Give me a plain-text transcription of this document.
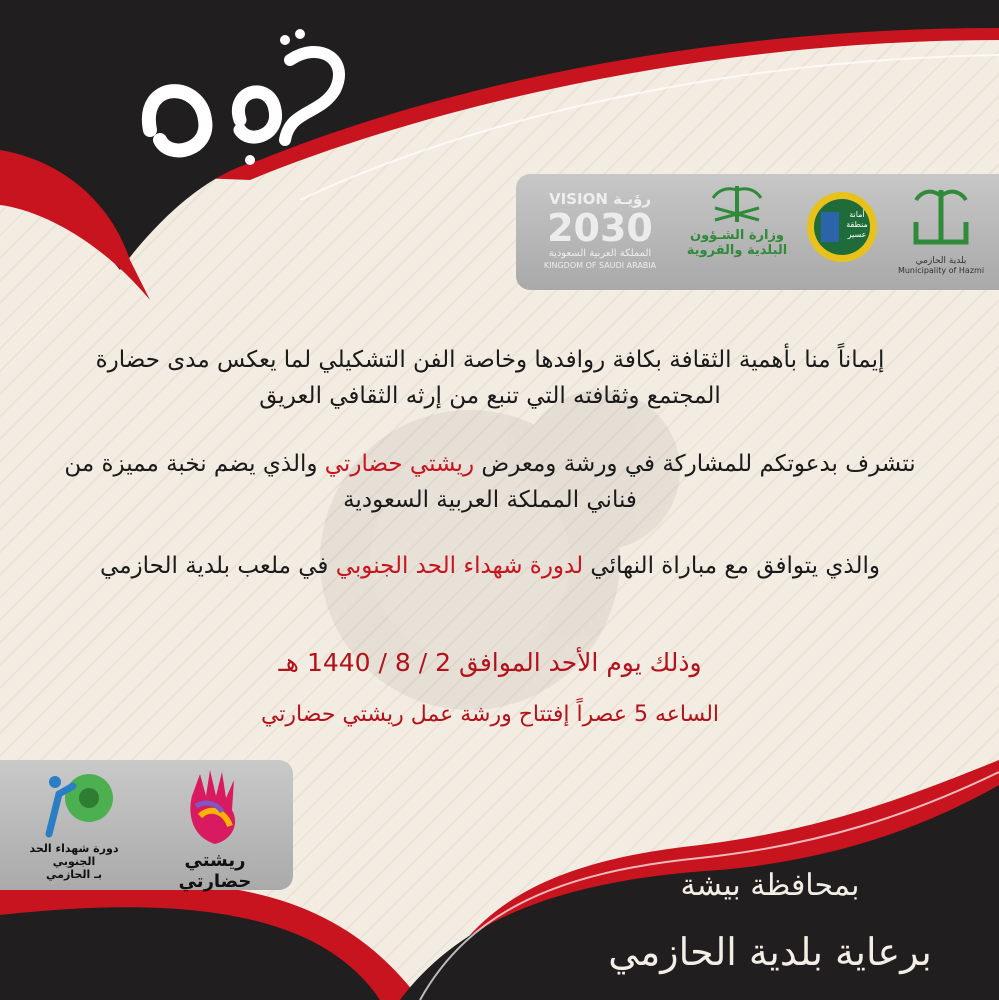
VISION رؤيـة
2030
المملكة العربية السعودية
KINGDOM OF SAUDI ARABIA
وزارة الشـؤون
البلدية والقروية
أمانة
منطقة
عسير
بلدية الحازمي
Municipality of Hazmi
إيماناً منا بأهمية الثقافة بكافة روافدها وخاصة الفن التشكيلي لما يعكس مدى حضارة المجتمع وثقافته التي تنبع من إرثه الثقافي العريق
نتشرف بدعوتكم للمشاركة في ورشة ومعرض ريشتي حضارتي والذي يضم نخبة مميزة من فناني المملكة العربية السعودية
والذي يتوافق مع مباراة النهائي لدورة شهداء الحد الجنوبي في ملعب بلدية الحازمي
وذلك يوم الأحد الموافق 2 / 8 / 1440 هـ
الساعه 5 عصراً إفتتاح ورشة عمل ريشتي حضارتي
دورة شهداء الحد الجنوبي
بـ الحازمي
ريشتي حضارتي	بمحافظة بيشة
برعاية بلدية الحازمي
